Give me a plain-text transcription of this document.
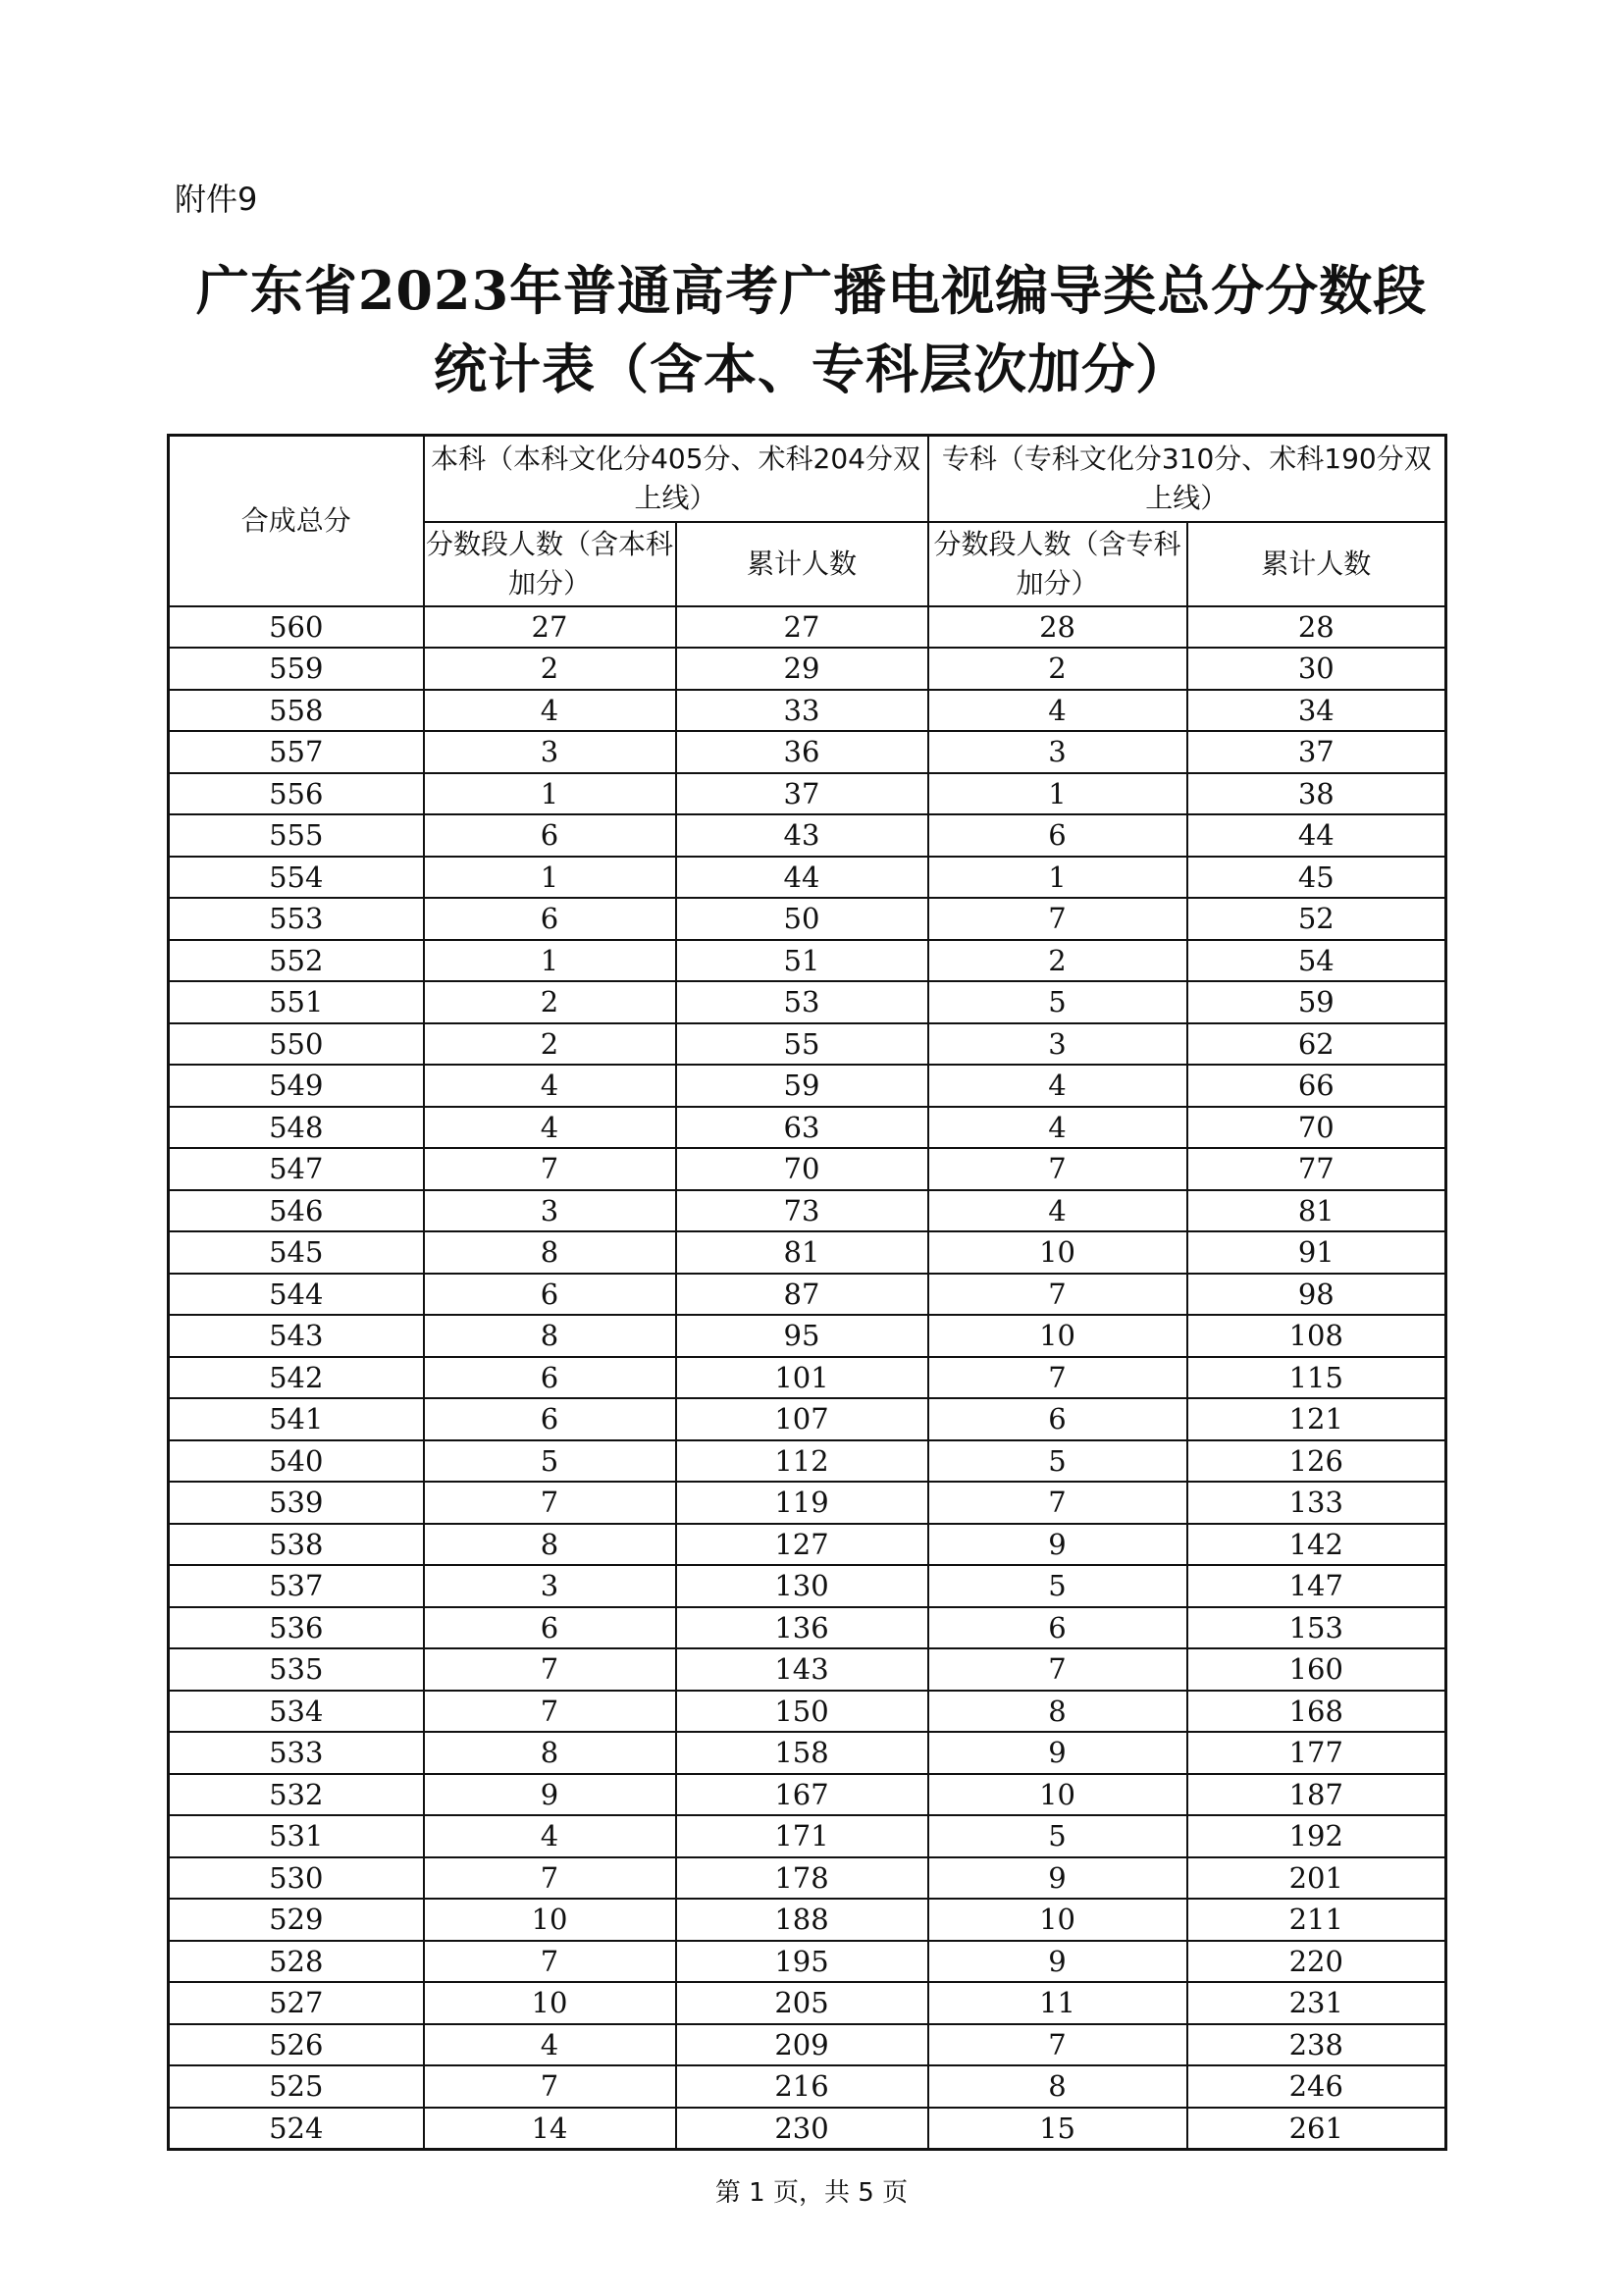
附件9
广东省2023年普通高考广播电视编导类总分分数段
统计表（含本、专科层次加分）
合成总分	本科（本科文化分405分、术科204分双上线）		专科（专科文化分310分、术科190分双上线）	
	分数段人数（含本科加分）	累计人数	分数段人数（含专科加分）	累计人数
560	27	27	28	28
559	2	29	2	30
558	4	33	4	34
557	3	36	3	37
556	1	37	1	38
555	6	43	6	44
554	1	44	1	45
553	6	50	7	52
552	1	51	2	54
551	2	53	5	59
550	2	55	3	62
549	4	59	4	66
548	4	63	4	70
547	7	70	7	77
546	3	73	4	81
545	8	81	10	91
544	6	87	7	98
543	8	95	10	108
542	6	101	7	115
541	6	107	6	121
540	5	112	5	126
539	7	119	7	133
538	8	127	9	142
537	3	130	5	147
536	6	136	6	153
535	7	143	7	160
534	7	150	8	168
533	8	158	9	177
532	9	167	10	187
531	4	171	5	192
530	7	178	9	201
529	10	188	10	211
528	7	195	9	220
527	10	205	11	231
526	4	209	7	238
525	7	216	8	246
524	14	230	15	261
第 1 页，共 5 页
